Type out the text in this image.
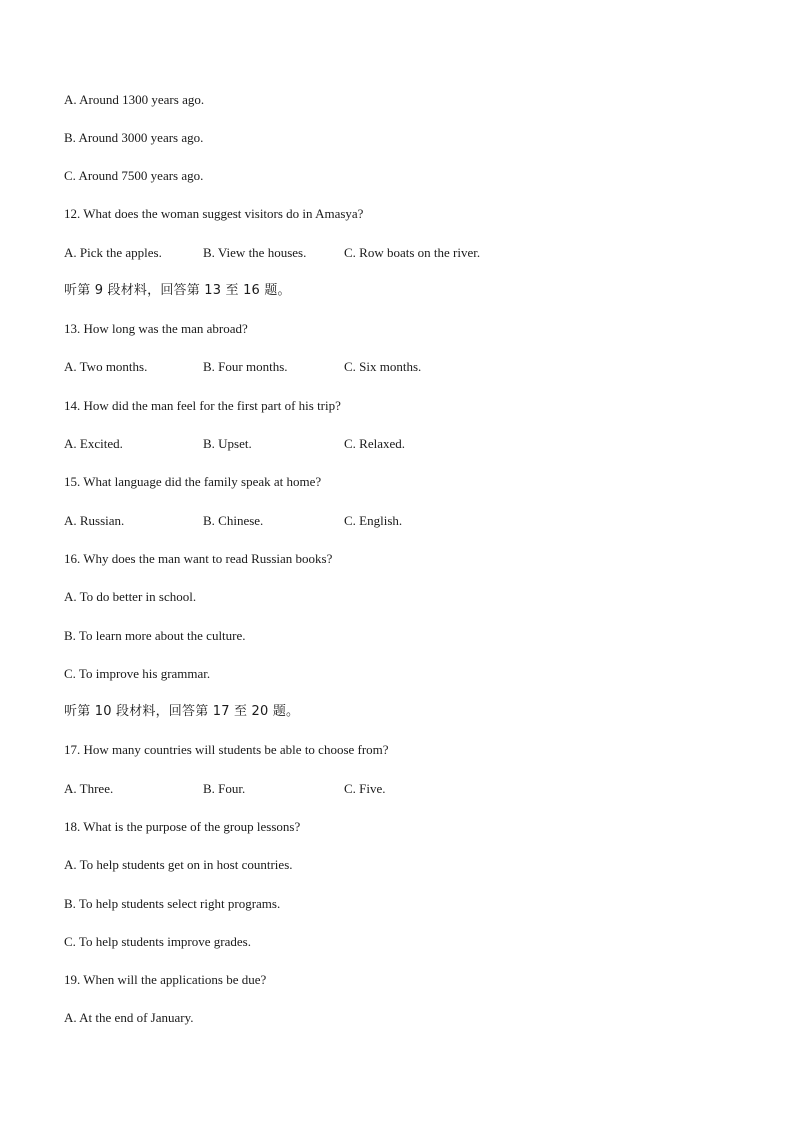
A. Around 1300 years ago.
B. Around 3000 years ago.
C. Around 7500 years ago.
12. What does the woman suggest visitors do in Amasya?
A. Pick the apples.	B. View the houses.	C. Row boats on the river.
听第 9 段材料，回答第 13 至 16 题。
13. How long was the man abroad?
A. Two months.	B. Four months.	C. Six months.
14. How did the man feel for the first part of his trip?
A. Excited.	B. Upset.	C. Relaxed.
15. What language did the family speak at home?
A. Russian.	B. Chinese.	C. English.
16. Why does the man want to read Russian books?
A. To do better in school.
B. To learn more about the culture.
C. To improve his grammar.
听第 10 段材料，回答第 17 至 20 题。
17. How many countries will students be able to choose from?
A. Three.	B. Four.	C. Five.
18. What is the purpose of the group lessons?
A. To help students get on in host countries.
B. To help students select right programs.
C. To help students improve grades.
19. When will the applications be due?
A. At the end of January.
